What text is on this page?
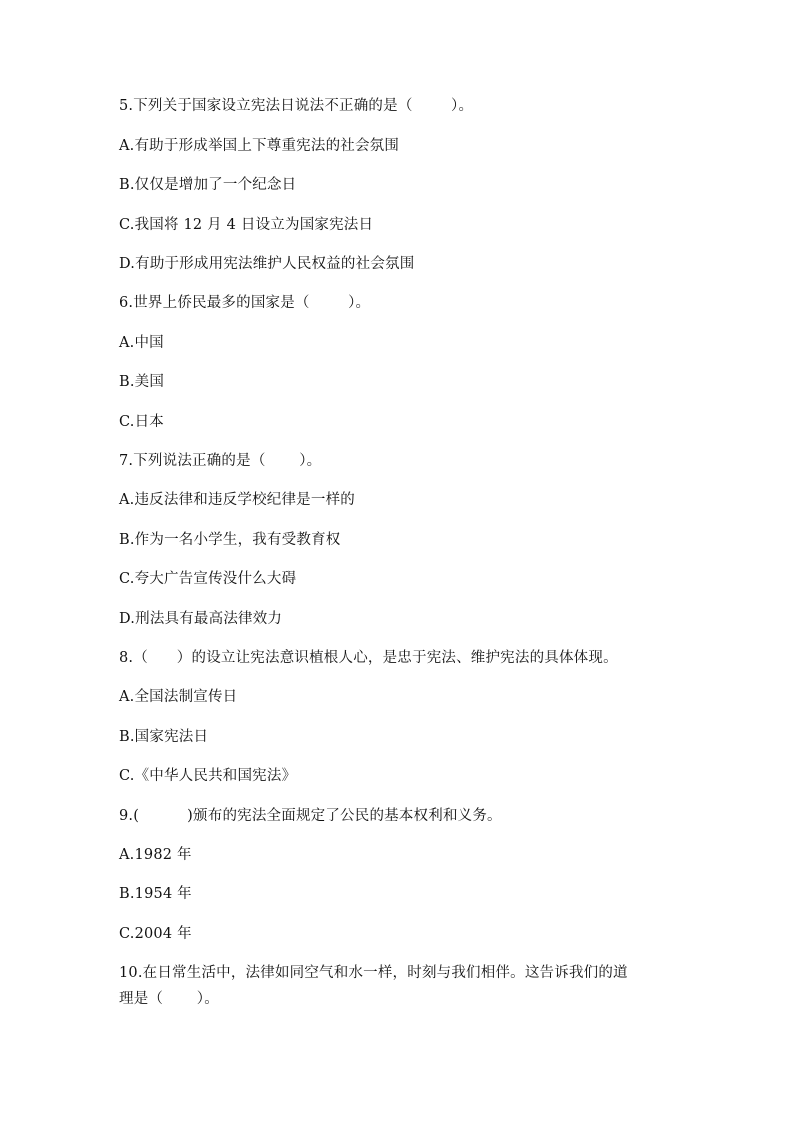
5.下列关于国家设立宪法日说法不正确的是（        ）。
A.有助于形成举国上下尊重宪法的社会氛围
B.仅仅是增加了一个纪念日
C.我国将 12 月 4 日设立为国家宪法日
D.有助于形成用宪法维护人民权益的社会氛围
6.世界上侨民最多的国家是（        ）。
A.中国
B.美国
C.日本
7.下列说法正确的是（       ）。
A.违反法律和违反学校纪律是一样的
B.作为一名小学生，我有受教育权
C.夸大广告宣传没什么大碍
D.刑法具有最高法律效力
8.（      ）的设立让宪法意识植根人心，是忠于宪法、维护宪法的具体体现。
A.全国法制宣传日
B.国家宪法日
C.《中华人民共和国宪法》
9.(          )颁布的宪法全面规定了公民的基本权利和义务。
A.1982 年
B.1954 年
C.2004 年
10.在日常生活中，法律如同空气和水一样，时刻与我们相伴。这告诉我们的道
理是（       ）。
